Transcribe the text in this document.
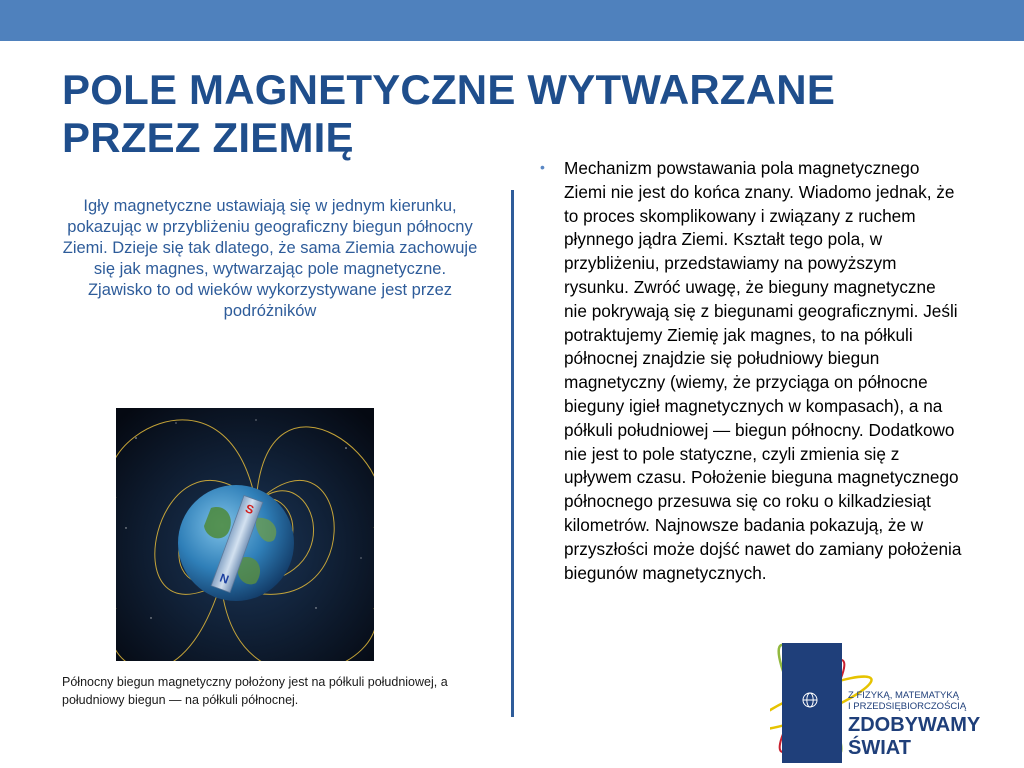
POLE MAGNETYCZNE WYTWARZANE PRZEZ ZIEMIĘ
Igły magnetyczne ustawiają się w jednym kierunku, pokazując w przybliżeniu geograficzny biegun północny Ziemi. Dzieje się tak dlatego, że sama Ziemia zachowuje się jak magnes, wytwarzając pole magnetyczne. Zjawisko to od wieków wykorzystywane jest przez podróżników
S
N
Północny biegun magnetyczny położony jest na półkuli południowej, a południowy biegun — na półkuli północnej.
• Mechanizm powstawania pola magnetycznego Ziemi nie jest do końca znany. Wiadomo jednak, że to proces skomplikowany i związany z ruchem płynnego jądra Ziemi. Kształt tego pola, w przybliżeniu, przedstawiamy na powyższym rysunku. Zwróć uwagę, że bieguny magnetyczne nie pokrywają się z biegunami geograficznymi. Jeśli potraktujemy Ziemię jak magnes, to na półkuli północnej znajdzie się południowy biegun magnetyczny (wiemy, że przyciąga on północne bieguny igieł magnetycznych w kompasach), a na półkuli południowej — biegun północny. Dodatkowo nie jest to pole statyczne, czyli zmienia się z upływem czasu. Położenie bieguna magnetycznego północnego przesuwa się co roku o kilkadziesiąt kilometrów. Najnowsze badania pokazują, że w przyszłości może dojść nawet do zamiany położenia biegunów magnetycznych.
Z FIZYKĄ, MATEMATYKĄ
I PRZEDSIĘBIORCZOŚCIĄ
ZDOBYWAMY
ŚWIAT
